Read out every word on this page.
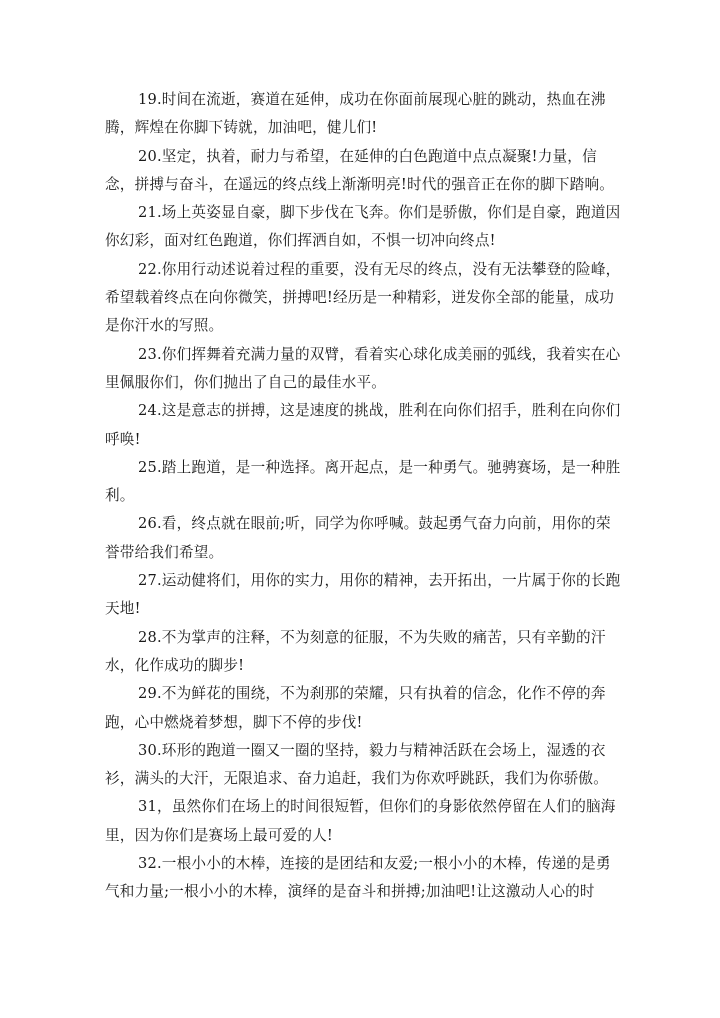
19.时间在流逝，赛道在延伸，成功在你面前展现心脏的跳动，热血在沸
腾，辉煌在你脚下铸就，加油吧，健儿们!
20.坚定，执着，耐力与希望，在延伸的白色跑道中点点凝聚!力量，信
念，拼搏与奋斗，在遥远的终点线上渐渐明亮!时代的强音正在你的脚下踏响。
21.场上英姿显自豪，脚下步伐在飞奔。你们是骄傲，你们是自豪，跑道因
你幻彩，面对红色跑道，你们挥洒自如，不惧一切冲向终点!
22.你用行动述说着过程的重要，没有无尽的终点，没有无法攀登的险峰，
希望载着终点在向你微笑，拼搏吧!经历是一种精彩，迸发你全部的能量，成功
是你汗水的写照。
23.你们挥舞着充满力量的双臂，看着实心球化成美丽的弧线，我着实在心
里佩服你们，你们抛出了自己的最佳水平。
24.这是意志的拼搏，这是速度的挑战，胜利在向你们招手，胜利在向你们
呼唤!
25.踏上跑道，是一种选择。离开起点，是一种勇气。驰骋赛场，是一种胜
利。
26.看，终点就在眼前;听，同学为你呼喊。鼓起勇气奋力向前，用你的荣
誉带给我们希望。
27.运动健将们，用你的实力，用你的精神，去开拓出，一片属于你的长跑
天地!
28.不为掌声的注释，不为刻意的征服，不为失败的痛苦，只有辛勤的汗
水，化作成功的脚步!
29.不为鲜花的围绕，不为刹那的荣耀，只有执着的信念，化作不停的奔
跑，心中燃烧着梦想，脚下不停的步伐!
30.环形的跑道一圈又一圈的坚持，毅力与精神活跃在会场上，湿透的衣
衫，满头的大汗，无限追求、奋力追赶，我们为你欢呼跳跃，我们为你骄傲。
31，虽然你们在场上的时间很短暂，但你们的身影依然停留在人们的脑海
里，因为你们是赛场上最可爱的人!
32.一根小小的木棒，连接的是团结和友爱;一根小小的木棒，传递的是勇
气和力量;一根小小的木棒，演绎的是奋斗和拼搏;加油吧!让这激动人心的时
